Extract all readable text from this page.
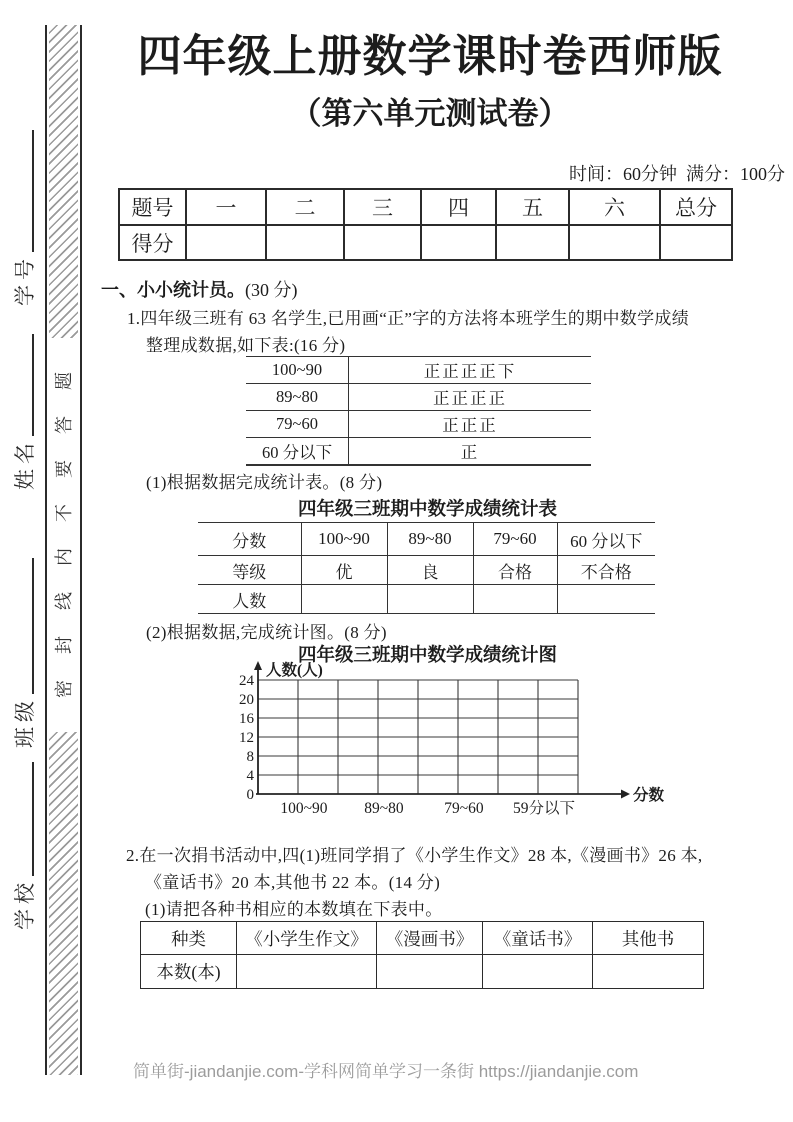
密封线内不要答题
学号
姓名
班级
学校
四年级上册数学课时卷西师版
（第六单元测试卷）
时间：60分钟  满分：100分
题号	一	二	三	四	五	六	总分
得分							
一、小小统计员。(30 分)
1.四年级三班有 63 名学生,已用画“正”字的方法将本班学生的期中数学成绩
整理成数据,如下表:(16 分)
100~90	正正正正下
89~80	正正正正
79~60	正正正
60 分以下	正
(1)根据数据完成统计表。(8 分)
四年级三班期中数学成绩统计表
分数	100~90	89~80	79~60	60 分以下
等级	优	良	合格	不合格
人数				
(2)根据数据,完成统计图。(8 分)
四年级三班期中数学成绩统计图
24
20
16
12
8
4
0
人数(人)
分数
100~90 89~80	79~60 59分以下
2.在一次捐书活动中,四(1)班同学捐了《小学生作文》28 本,《漫画书》26 本,
《童话书》20 本,其他书 22 本。(14 分)
(1)请把各种书相应的本数填在下表中。
种类	《小学生作文》	《漫画书》	《童话书》	其他书
本数(本)				
简单街-jiandanjie.com-学科网简单学习一条街 https://jiandanjie.com
